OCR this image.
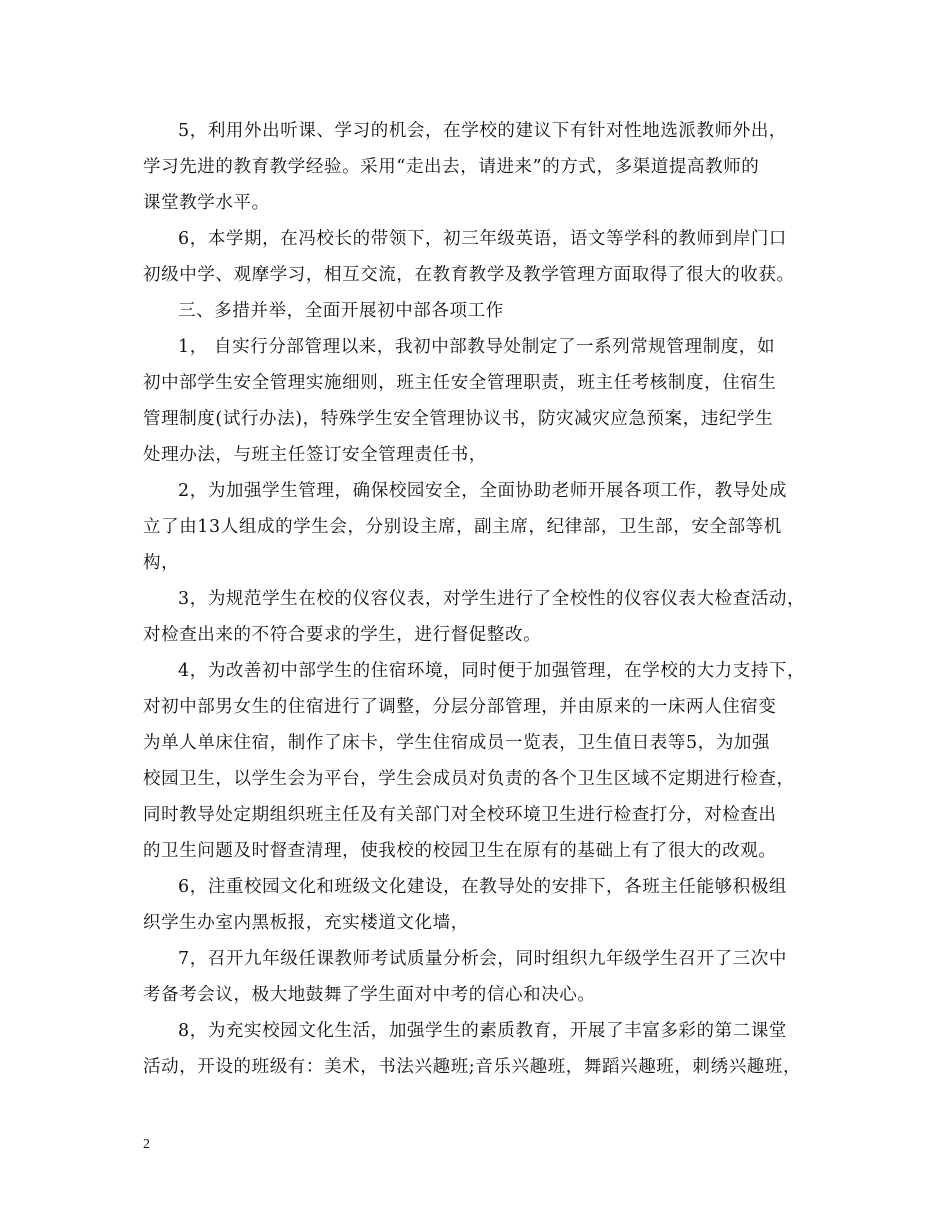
5，利用外出听课、学习的机会，在学校的建议下有针对性地选派教师外出，
学习先进的教育教学经验。采用“走出去，请进来”的方式，多渠道提高教师的
课堂教学水平。
6，本学期，在冯校长的带领下，初三年级英语，语文等学科的教师到岸门口
初级中学、观摩学习，相互交流，在教育教学及教学管理方面取得了很大的收获。
三、多措并举，全面开展初中部各项工作
1， 自实行分部管理以来，我初中部教导处制定了一系列常规管理制度，如
初中部学生安全管理实施细则，班主任安全管理职责，班主任考核制度，住宿生
管理制度(试行办法)，特殊学生安全管理协议书，防灾减灾应急预案，违纪学生
处理办法，与班主任签订安全管理责任书，
2，为加强学生管理，确保校园安全，全面协助老师开展各项工作，教导处成
立了由13人组成的学生会，分别设主席，副主席，纪律部，卫生部，安全部等机
构，
3，为规范学生在校的仪容仪表，对学生进行了全校性的仪容仪表大检查活动，
对检查出来的不符合要求的学生，进行督促整改。
4，为改善初中部学生的住宿环境，同时便于加强管理，在学校的大力支持下，
对初中部男女生的住宿进行了调整，分层分部管理，并由原来的一床两人住宿变
为单人单床住宿，制作了床卡，学生住宿成员一览表，卫生值日表等5，为加强
校园卫生，以学生会为平台，学生会成员对负责的各个卫生区域不定期进行检查，
同时教导处定期组织班主任及有关部门对全校环境卫生进行检查打分，对检查出
的卫生问题及时督查清理，使我校的校园卫生在原有的基础上有了很大的改观。
6，注重校园文化和班级文化建设，在教导处的安排下，各班主任能够积极组
织学生办室内黑板报，充实楼道文化墙，
7，召开九年级任课教师考试质量分析会，同时组织九年级学生召开了三次中
考备考会议，极大地鼓舞了学生面对中考的信心和决心。
8，为充实校园文化生活，加强学生的素质教育，开展了丰富多彩的第二课堂
活动，开设的班级有：美术，书法兴趣班;音乐兴趣班，舞蹈兴趣班，刺绣兴趣班，
2
